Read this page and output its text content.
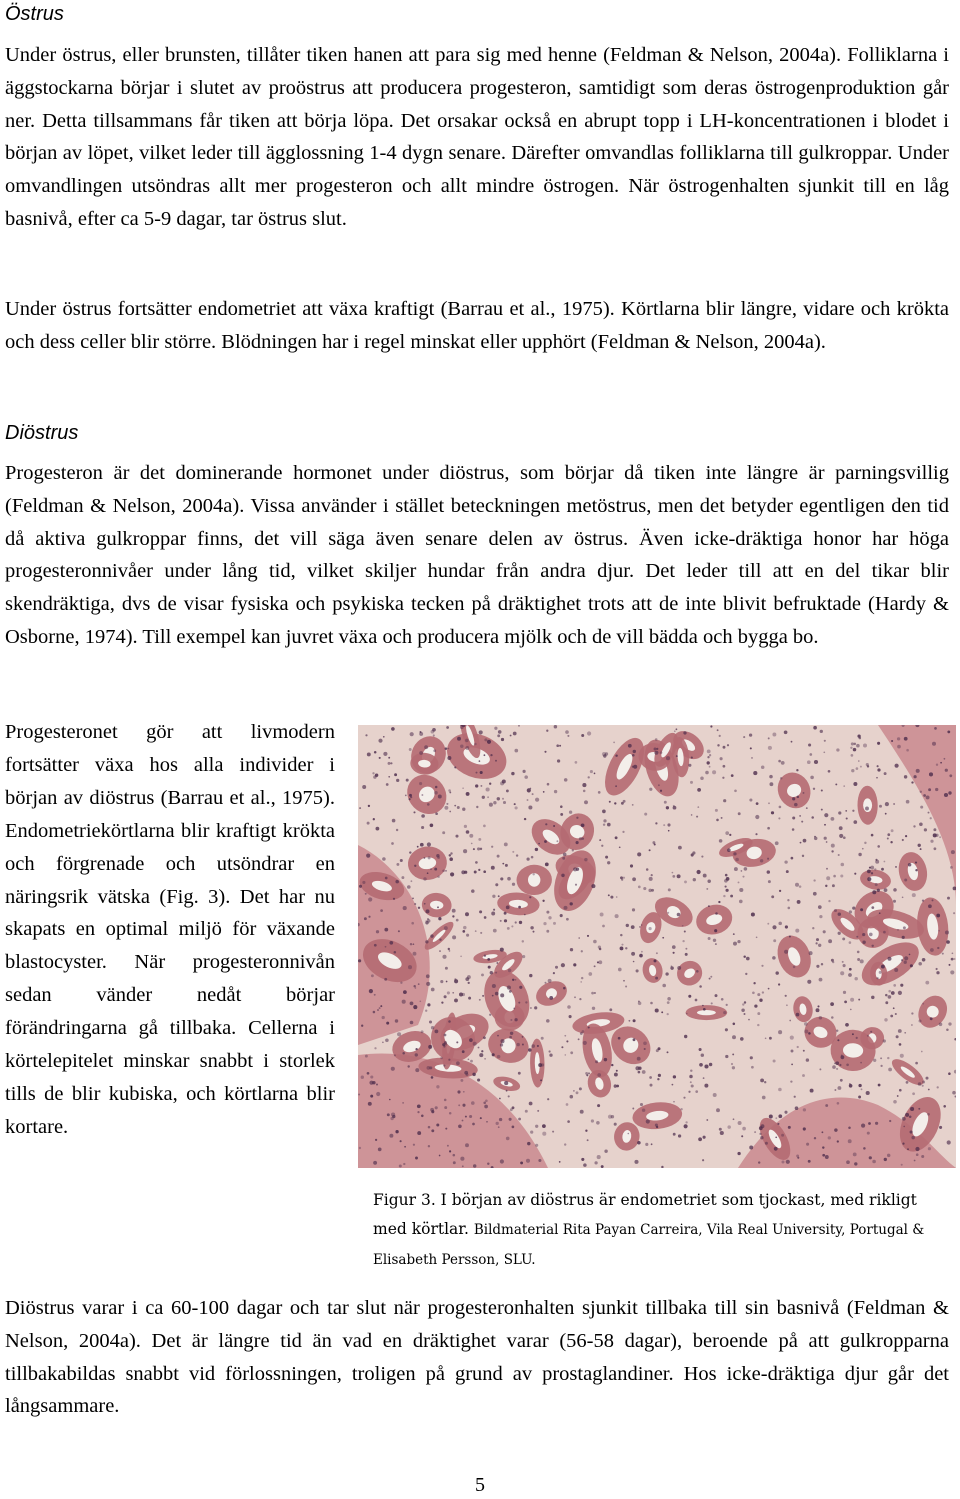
Östrus

Under östrus, eller brunsten, tillåter tiken hanen att para sig med henne (Feldman & Nelson, 2004a). Folliklarna i äggstockarna börjar i slutet av proöstrus att producera progesteron, samtidigt som deras östrogenproduktion går ner. Detta tillsammans får tiken att börja löpa. Det orsakar också en abrupt topp i LH-koncentrationen i blodet i början av löpet, vilket leder till ägglossning 1-4 dygn senare. Därefter omvandlas folliklarna till gulkroppar. Under omvandlingen utsöndras allt mer progesteron och allt mindre östrogen. När östrogenhalten sjunkit till en låg basnivå, efter ca 5-9 dagar, tar östrus slut.

Under östrus fortsätter endometriet att växa kraftigt (Barrau et al., 1975). Körtlarna blir längre, vidare och krökta och dess celler blir större. Blödningen har i regel minskat eller upphört (Feldman & Nelson, 2004a).

Diöstrus

Progesteron är det dominerande hormonet under diöstrus, som börjar då tiken inte längre är parningsvillig (Feldman & Nelson, 2004a). Vissa använder i stället beteckningen metöstrus, men det betyder egentligen den tid då aktiva gulkroppar finns, det vill säga även senare delen av östrus. Även icke-dräktiga honor har höga progesteronnivåer under lång tid, vilket skiljer hundar från andra djur. Det leder till att en del tikar blir skendräktiga, dvs de visar fysiska och psykiska tecken på dräktighet trots att de inte blivit befruktade (Hardy & Osborne, 1974). Till exempel kan juvret växa och producera mjölk och de vill bädda och bygga bo.

Progesteronet gör att livmodern fortsätter växa hos alla individer i början av diöstrus (Barrau et al., 1975). Endometriekörtlarna blir kraftigt krökta och förgrenade och utsöndrar en näringsrik vätska (Fig. 3). Det har nu skapats en optimal miljö för växande blastocyster. När progesteronnivån sedan vänder nedåt börjar förändringarna gå tillbaka. Cellerna i körtelepitelet minskar snabbt i storlek tills de blir kubiska, och körtlarna blir kortare.

Figur 3. I början av diöstrus är endometriet som tjockast, med rikligt med körtlar. Bildmaterial Rita Payan Carreira, Vila Real University, Portugal & Elisabeth Persson, SLU.

Diöstrus varar i ca 60-100 dagar och tar slut när progesteronhalten sjunkit tillbaka till sin basnivå (Feldman & Nelson, 2004a). Det är längre tid än vad en dräktighet varar (56-58 dagar), beroende på att gulkropparna tillbakabildas snabbt vid förlossningen, troligen på grund av prostaglandiner. Hos icke-dräktiga djur går det långsammare.

5
